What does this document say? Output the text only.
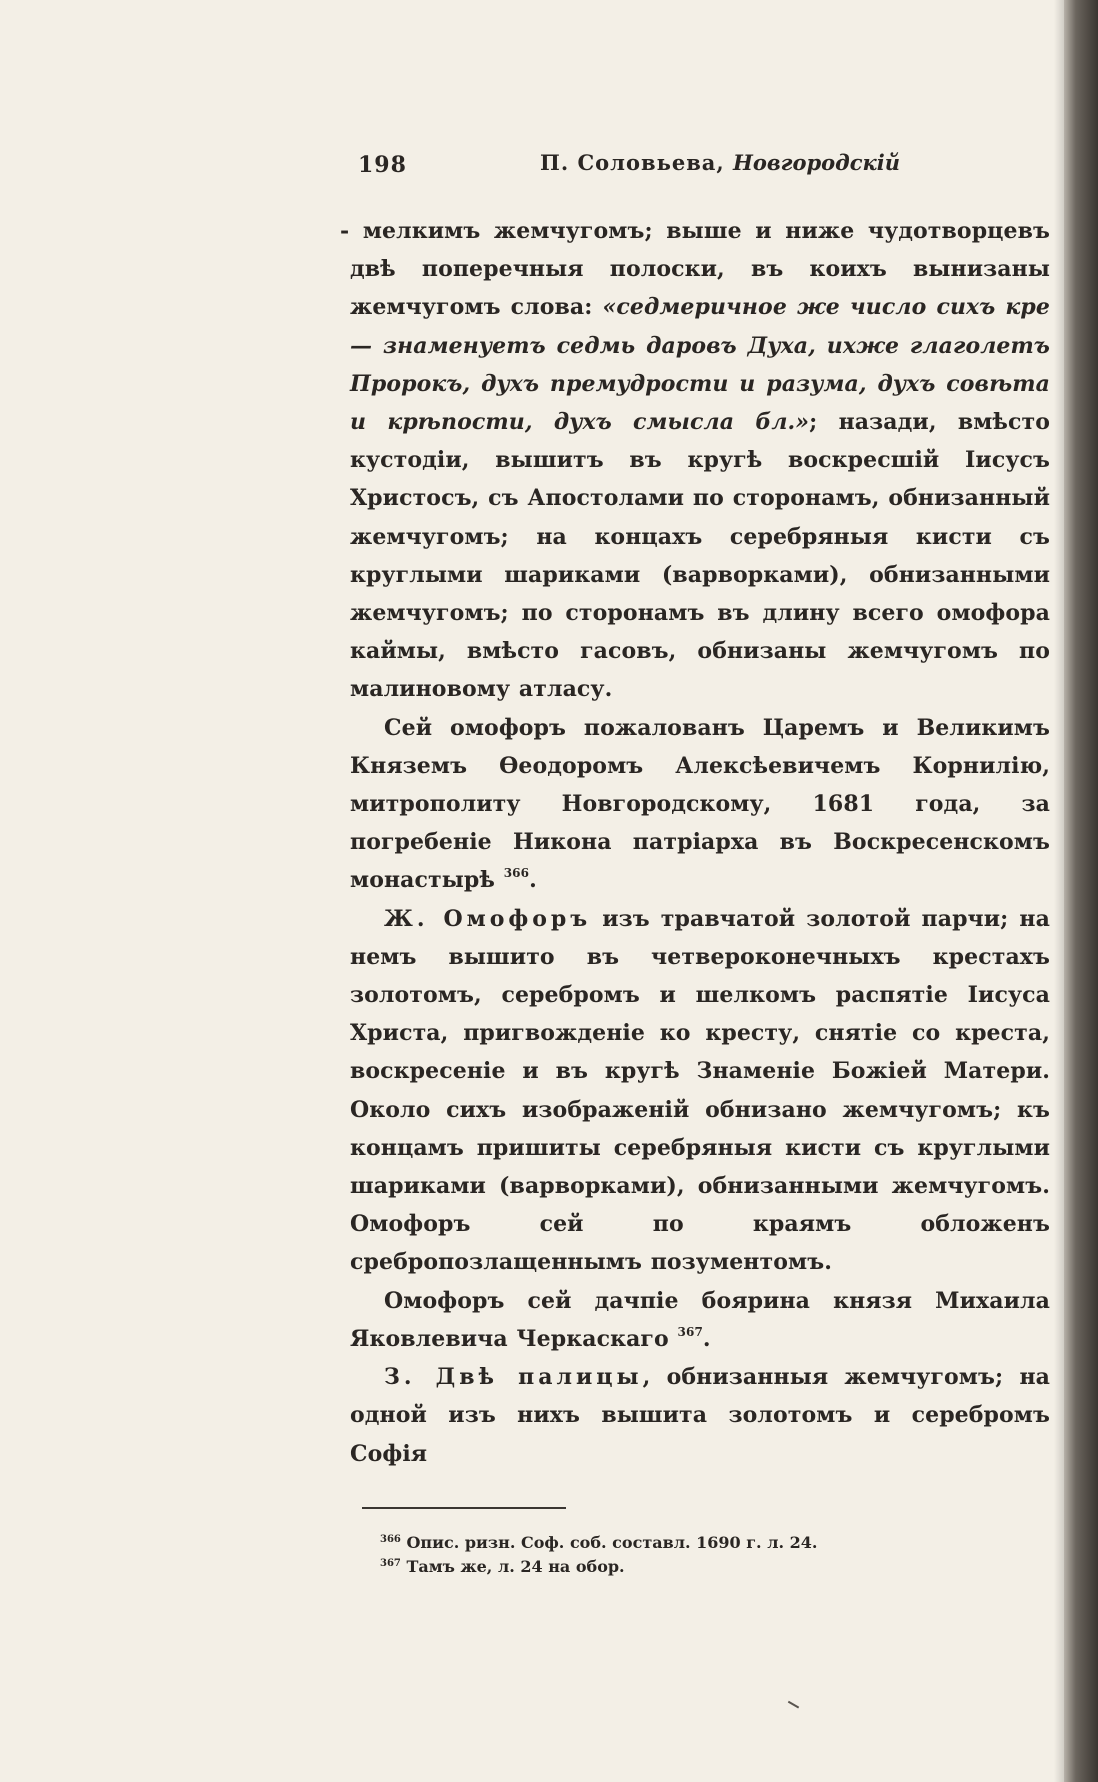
198	П. Соловьева, Новгородскій

- мелкимъ жемчугомъ; выше и ниже чудотворцевъ двѣ поперечныя полоски, въ коихъ вынизаны жемчугомъ слова: «седмеричное же число сихъ кре — знаменуетъ седмь даровъ Духа, ихже глаголетъ Пророкъ, духъ премудрости и разума, духъ совѣта и крѣпости, духъ смысла бл.»; назади, вмѣсто кустодіи, вышитъ въ кругѣ воскресшій Іисусъ Христосъ, съ Апостолами по сторонамъ, обнизанный жемчугомъ; на концахъ серебряныя кисти съ круглыми шариками (варворками), обнизанными жемчугомъ; по сторонамъ въ длину всего омофора каймы, вмѣсто гасовъ, обнизаны жемчугомъ по малиновому атласу.

Сей омофоръ пожалованъ Царемъ и Великимъ Княземъ Өеодоромъ Алексѣевичемъ Корнилію, митрополиту Новгородскому, 1681 года, за погребеніе Никона патріарха въ Воскресенскомъ монастырѣ $^{366}$.

Ж. Омофоръ изъ травчатой золотой парчи; на немъ вышито въ четвероконечныхъ крестахъ золотомъ, серебромъ и шелкомъ распятіе Іисуса Христа, пригвожденіе ко кресту, снятіе со креста, воскресеніе и въ кругѣ Знаменіе Божіей Матери. Около сихъ изображеній обнизано жемчугомъ; къ концамъ пришиты серебряныя кисти съ круглыми шариками (варворками), обнизанными жемчугомъ. Омофоръ сей по краямъ обложенъ сребропозлащеннымъ позументомъ.

Омофоръ сей дачпіе боярина князя Михаила Яковлевича Черкаскаго $^{367}$.

З. Двѣ палицы, обнизанныя жемчугомъ; на одной изъ нихъ вышита золотомъ и серебромъ Софія

$^{366}$ Опис. ризн. Соф. соб. составл. 1690 г. л. 24.
$^{367}$ Тамъ же, л. 24 на обор.
